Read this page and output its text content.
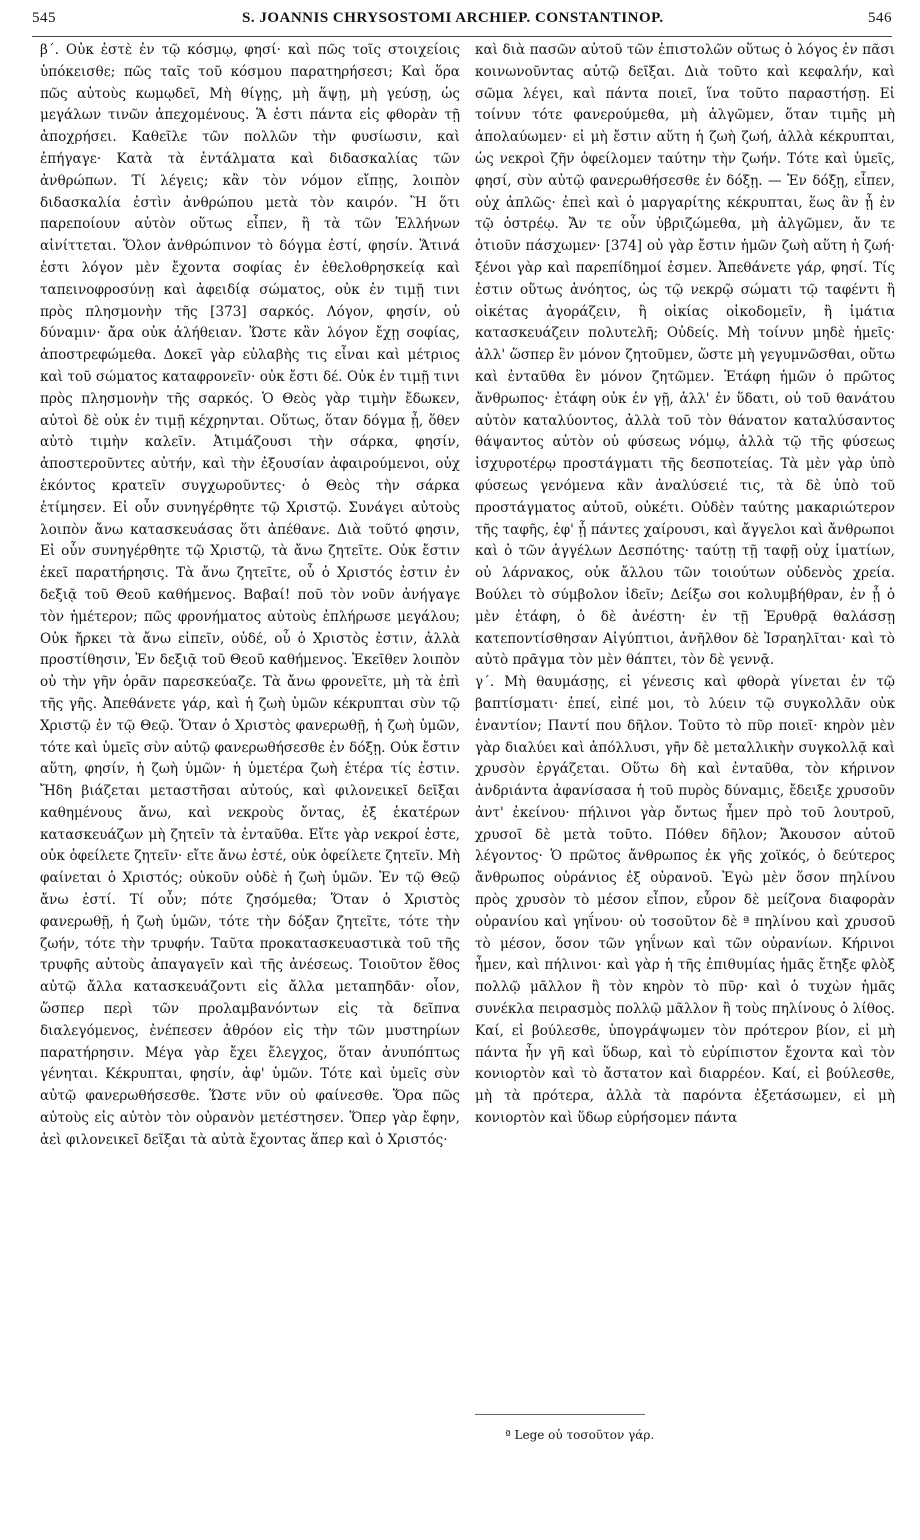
545	S. JOANNIS CHRYSOSTOMI ARCHIEP. CONSTANTINOP.	546

β΄. Οὐκ ἐστὲ ἐν τῷ κόσμῳ, φησί· καὶ πῶς τοῖς στοιχείοις ὑπόκεισθε; πῶς ταῖς τοῦ κόσμου παρατηρήσεσι; Καὶ ὅρα πῶς αὐτοὺς κωμῳδεῖ, Μὴ θίγῃς, μὴ ἅψῃ, μὴ γεύσῃ, ὡς μεγάλων τινῶν ἀπεχομένους. Ἅ ἐστι πάντα εἰς φθορὰν τῇ ἀποχρήσει. Καθεῖλε τῶν πολλῶν τὴν φυσίωσιν, καὶ ἐπήγαγε· Κατὰ τὰ ἐντάλματα καὶ διδασκαλίας τῶν ἀνθρώπων. Τί λέγεις; κἂν τὸν νόμον εἴπῃς, λοιπὸν διδασκαλία ἐστὶν ἀνθρώπου μετὰ τὸν καιρόν. Ἢ ὅτι παρεποίουν αὐτὸν οὕτως εἶπεν, ἢ τὰ τῶν Ἑλλήνων αἰνίττεται. Ὅλον ἀνθρώπινον τὸ δόγμα ἐστί, φησίν. Ἅτινά ἐστι λόγον μὲν ἔχοντα σοφίας ἐν ἐθελοθρησκείᾳ καὶ ταπεινοφροσύνῃ καὶ ἀφειδίᾳ σώματος, οὐκ ἐν τιμῇ τινι πρὸς πλησμονὴν τῆς [373] σαρκός. Λόγον, φησίν, οὐ δύναμιν· ἄρα οὐκ ἀλήθειαν. Ὥστε κἂν λόγον ἔχῃ σοφίας, ἀποστρεφώμεθα. Δοκεῖ γὰρ εὐλαβὴς τις εἶναι καὶ μέτριος καὶ τοῦ σώματος καταφρονεῖν· οὐκ ἔστι δέ. Οὐκ ἐν τιμῇ τινι πρὸς πλησμονὴν τῆς σαρκός. Ὁ Θεὸς γὰρ τιμὴν ἔδωκεν, αὐτοὶ δὲ οὐκ ἐν τιμῇ κέχρηνται. Οὕτως, ὅταν δόγμα ᾖ, ὅθεν αὐτὸ τιμὴν καλεῖν. Ἀτιμάζουσι τὴν σάρκα, φησίν, ἀποστεροῦντες αὐτήν, καὶ τὴν ἐξουσίαν ἀφαιρούμενοι, οὐχ ἑκόντος κρατεῖν συγχωροῦντες· ὁ Θεὸς τὴν σάρκα ἐτίμησεν. Εἰ οὖν συνηγέρθητε τῷ Χριστῷ. Συνάγει αὐτοὺς λοιπὸν ἄνω κατασκευάσας ὅτι ἀπέθανε. Διὰ τοῦτό φησιν, Εἰ οὖν συνηγέρθητε τῷ Χριστῷ, τὰ ἄνω ζητεῖτε. Οὐκ ἔστιν ἐκεῖ παρατήρησις. Τὰ ἄνω ζητεῖτε, οὗ ὁ Χριστός ἐστιν ἐν δεξιᾷ τοῦ Θεοῦ καθήμενος. Βαβαί! ποῦ τὸν νοῦν ἀνήγαγε τὸν ἡμέτερον; πῶς φρονήματος αὐτοὺς ἐπλήρωσε μεγάλου; Οὐκ ἤρκει τὰ ἄνω εἰπεῖν, οὐδέ, οὗ ὁ Χριστὸς ἐστιν, ἀλλὰ προστίθησιν, Ἐν δεξιᾷ τοῦ Θεοῦ καθήμενος. Ἐκεῖθεν λοιπὸν οὐ τὴν γῆν ὁρᾶν παρεσκεύαζε. Τὰ ἄνω φρονεῖτε, μὴ τὰ ἐπὶ τῆς γῆς. Ἀπεθάνετε γάρ, καὶ ἡ ζωὴ ὑμῶν κέκρυπται σὺν τῷ Χριστῷ ἐν τῷ Θεῷ. Ὅταν ὁ Χριστὸς φανερωθῇ, ἡ ζωὴ ὑμῶν, τότε καὶ ὑμεῖς σὺν αὐτῷ φανερωθήσεσθε ἐν δόξῃ. Οὐκ ἔστιν αὕτη, φησίν, ἡ ζωὴ ὑμῶν· ἡ ὑμετέρα ζωὴ ἑτέρα τίς ἐστιν. Ἤδη βιάζεται μεταστῆσαι αὐτούς, καὶ φιλονεικεῖ δεῖξαι καθημένους ἄνω, καὶ νεκροὺς ὄντας, ἐξ ἑκατέρων κατασκευάζων μὴ ζητεῖν τὰ ἐνταῦθα. Εἴτε γὰρ νεκροί ἐστε, οὐκ ὀφείλετε ζητεῖν· εἴτε ἄνω ἐστέ, οὐκ ὀφείλετε ζητεῖν. Μὴ φαίνεται ὁ Χριστός; οὐκοῦν οὐδὲ ἡ ζωὴ ὑμῶν. Ἐν τῷ Θεῷ ἄνω ἐστί. Τί οὖν; πότε ζησόμεθα; Ὅταν ὁ Χριστὸς φανερωθῇ, ἡ ζωὴ ὑμῶν, τότε τὴν δόξαν ζητεῖτε, τότε τὴν ζωήν, τότε τὴν τρυφήν. Ταῦτα προκατασκευαστικὰ τοῦ τῆς τρυφῆς αὐτοὺς ἀπαγαγεῖν καὶ τῆς ἀνέσεως. Τοιοῦτον ἔθος αὐτῷ ἄλλα κατασκευάζοντι εἰς ἄλλα μεταπηδᾶν· οἷον, ὥσπερ περὶ τῶν προλαμβανόντων εἰς τὰ δεῖπνα διαλεγόμενος, ἐνέπεσεν ἀθρόον εἰς τὴν τῶν μυστηρίων παρατήρησιν. Μέγα γὰρ ἔχει ἔλεγχος, ὅταν ἀνυπόπτως γένηται. Κέκρυπται, φησίν, ἀφ' ὑμῶν. Τότε καὶ ὑμεῖς σὺν αὐτῷ φανερωθήσεσθε. Ὥστε νῦν οὐ φαίνεσθε. Ὅρα πῶς αὐτοὺς εἰς αὐτὸν τὸν οὐρανὸν μετέστησεν. Ὅπερ γὰρ ἔφην, ἀεὶ φιλονεικεῖ δεῖξαι τὰ αὐτὰ ἔχοντας ἅπερ καὶ ὁ Χριστός·

καὶ διὰ πασῶν αὐτοῦ τῶν ἐπιστολῶν οὕτως ὁ λόγος ἐν πᾶσι κοινωνοῦντας αὐτῷ δεῖξαι. Διὰ τοῦτο καὶ κεφαλήν, καὶ σῶμα λέγει, καὶ πάντα ποιεῖ, ἵνα τοῦτο παραστήσῃ. Εἰ τοίνυν τότε φανερούμεθα, μὴ ἀλγῶμεν, ὅταν τιμῆς μὴ ἀπολαύωμεν· εἰ μὴ ἔστιν αὕτη ἡ ζωὴ ζωή, ἀλλὰ κέκρυπται, ὡς νεκροὶ ζῆν ὀφείλομεν ταύτην τὴν ζωήν. Τότε καὶ ὑμεῖς, φησί, σὺν αὐτῷ φανερωθήσεσθε ἐν δόξῃ. — Ἐν δόξῃ, εἶπεν, οὐχ ἁπλῶς· ἐπεὶ καὶ ὁ μαργαρίτης κέκρυπται, ἕως ἂν ᾖ ἐν τῷ ὀστρέῳ. Ἄν τε οὖν ὑβριζώμεθα, μὴ ἀλγῶμεν, ἄν τε ὁτιοῦν πάσχωμεν· [374] οὐ γὰρ ἔστιν ἡμῶν ζωὴ αὕτη ἡ ζωή· ξένοι γὰρ καὶ παρεπίδημοί ἐσμεν. Ἀπεθάνετε γάρ, φησί. Τίς ἐστιν οὕτως ἀνόητος, ὡς τῷ νεκρῷ σώματι τῷ ταφέντι ἢ οἰκέτας ἀγοράζειν, ἢ οἰκίας οἰκοδομεῖν, ἢ ἱμάτια κατασκευάζειν πολυτελῆ; Οὐδείς. Μὴ τοίνυν μηδὲ ἡμεῖς· ἀλλ' ὥσπερ ἓν μόνον ζητοῦμεν, ὥστε μὴ γεγυμνῶσθαι, οὕτω καὶ ἐνταῦθα ἓν μόνον ζητῶμεν. Ἐτάφη ἡμῶν ὁ πρῶτος ἄνθρωπος· ἐτάφη οὐκ ἐν γῇ, ἀλλ' ἐν ὕδατι, οὐ τοῦ θανάτου αὐτὸν καταλύοντος, ἀλλὰ τοῦ τὸν θάνατον καταλύσαντος θάψαντος αὐτὸν οὐ φύσεως νόμῳ, ἀλλὰ τῷ τῆς φύσεως ἰσχυροτέρῳ προστάγματι τῆς δεσποτείας. Τὰ μὲν γὰρ ὑπὸ φύσεως γενόμενα κἂν ἀναλύσειέ τις, τὰ δὲ ὑπὸ τοῦ προστάγματος αὐτοῦ, οὐκέτι. Οὐδὲν ταύτης μακαριώτερον τῆς ταφῆς, ἐφ' ᾗ πάντες χαίρουσι, καὶ ἄγγελοι καὶ ἄνθρωποι καὶ ὁ τῶν ἀγγέλων Δεσπότης· ταύτῃ τῇ ταφῇ οὐχ ἱματίων, οὐ λάρνακος, οὐκ ἄλλου τῶν τοιούτων οὐδενὸς χρεία. Βούλει τὸ σύμβολον ἰδεῖν; Δείξω σοι κολυμβήθραν, ἐν ᾗ ὁ μὲν ἐτάφη, ὁ δὲ ἀνέστη· ἐν τῇ Ἐρυθρᾷ θαλάσσῃ κατεποντίσθησαν Αἰγύπτιοι, ἀνῆλθον δὲ Ἰσραηλῖται· καὶ τὸ αὐτὸ πρᾶγμα τὸν μὲν θάπτει, τὸν δὲ γεννᾷ.

γ΄. Μὴ θαυμάσῃς, εἰ γένεσις καὶ φθορὰ γίνεται ἐν τῷ βαπτίσματι· ἐπεί, εἰπέ μοι, τὸ λύειν τῷ συγκολλᾶν οὐκ ἐναντίον; Παντί που δῆλον. Τοῦτο τὸ πῦρ ποιεῖ· κηρὸν μὲν γὰρ διαλύει καὶ ἀπόλλυσι, γῆν δὲ μεταλλικὴν συγκολλᾷ καὶ χρυσὸν ἐργάζεται. Οὕτω δὴ καὶ ἐνταῦθα, τὸν κήρινον ἀνδριάντα ἀφανίσασα ἡ τοῦ πυρὸς δύναμις, ἔδειξε χρυσοῦν ἀντ' ἐκείνου· πήλινοι γὰρ ὄντως ἦμεν πρὸ τοῦ λουτροῦ, χρυσοῖ δὲ μετὰ τοῦτο. Πόθεν δῆλον; Ἄκουσον αὐτοῦ λέγοντος· Ὁ πρῶτος ἄνθρωπος ἐκ γῆς χοϊκός, ὁ δεύτερος ἄνθρωπος οὐράνιος ἐξ οὐρανοῦ. Ἐγὼ μὲν ὅσον πηλίνου πρὸς χρυσὸν τὸ μέσον εἶπον, εὗρον δὲ μείζονα διαφορὰν οὐρανίου καὶ γηΐνου· οὐ τοσοῦτον δὲ ª πηλίνου καὶ χρυσοῦ τὸ μέσον, ὅσον τῶν γηΐνων καὶ τῶν οὐρανίων. Κήρινοι ἦμεν, καὶ πήλινοι· καὶ γὰρ ἡ τῆς ἐπιθυμίας ἡμᾶς ἔτηξε φλὸξ πολλῷ μᾶλλον ἢ τὸν κηρὸν τὸ πῦρ· καὶ ὁ τυχὼν ἡμᾶς συνέκλα πειρασμὸς πολλῷ μᾶλλον ἢ τοὺς πηλίνους ὁ λίθος. Καί, εἰ βούλεσθε, ὑπογράψωμεν τὸν πρότερον βίον, εἰ μὴ πάντα ἦν γῆ καὶ ὕδωρ, καὶ τὸ εὐρίπιστον ἔχοντα καὶ τὸν κονιορτὸν καὶ τὸ ἄστατον καὶ διαρρέον. Καί, εἰ βούλεσθε, μὴ τὰ πρότερα, ἀλλὰ τὰ παρόντα ἐξετάσωμεν, εἰ μὴ κονιορτὸν καὶ ὕδωρ εὑρήσομεν πάντα

ª Lege οὐ τοσοῦτον γάρ.
